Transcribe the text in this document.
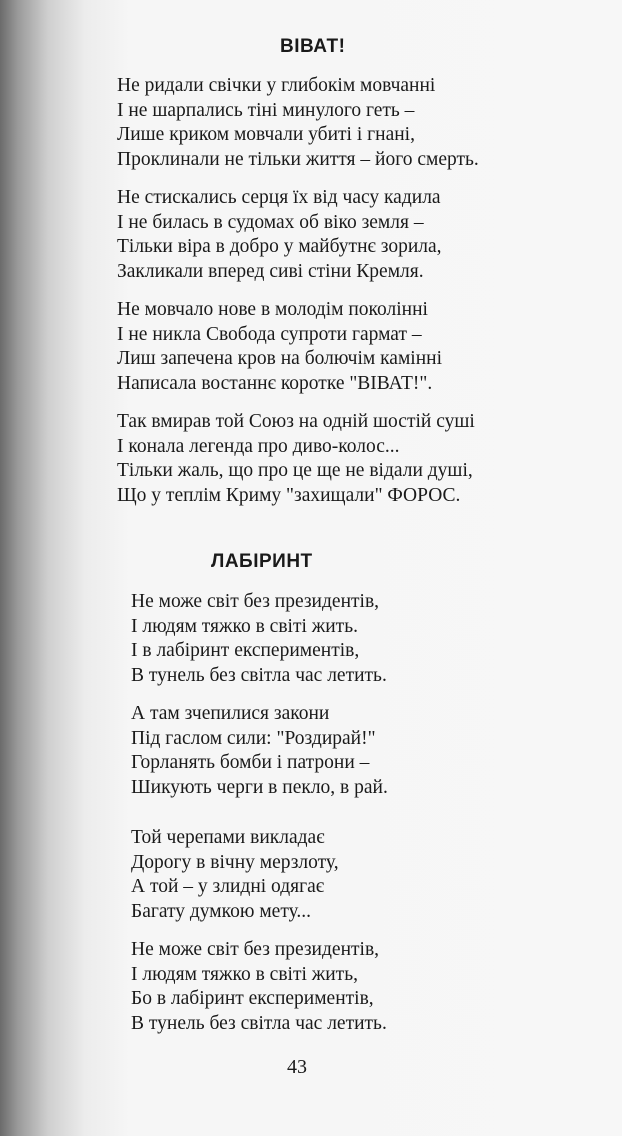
ВІВАТ!
Не ридали свічки у глибокім мовчанні
І не шарпались тіні минулого геть –
Лише криком мовчали убиті і гнані,
Проклинали не тільки життя – його смерть.
Не стискались серця їх від часу кадила
І не билась в судомах об віко земля –
Тільки віра в добро у майбутнє зорила,
Закликали вперед сиві стіни Кремля.
Не мовчало нове в молодім поколінні
І не никла Свобода супроти гармат –
Лиш запечена кров на болючім камінні
Написала востаннє коротке "ВІВАТ!".
Так вмирав той Союз на одній шостій суші
І конала легенда про диво-колос...
Тільки жаль, що про це ще не відали душі,
Що у теплім Криму "захищали" ФОРОС.
ЛАБІРИНТ
Не може світ без президентів,
І людям тяжко в світі жить.
І в лабіринт експериментів,
В тунель без світла час летить.
А там зчепилися закони
Під гаслом сили: "Роздирай!"
Горланять бомби і патрони –
Шикують черги в пекло, в рай.
Той черепами викладає
Дорогу в вічну мерзлоту,
А той – у злидні одягає
Багату думкою мету...
Не може світ без президентів,
І людям тяжко в світі жить,
Бо в лабіринт експериментів,
В тунель без світла час летить.
43
